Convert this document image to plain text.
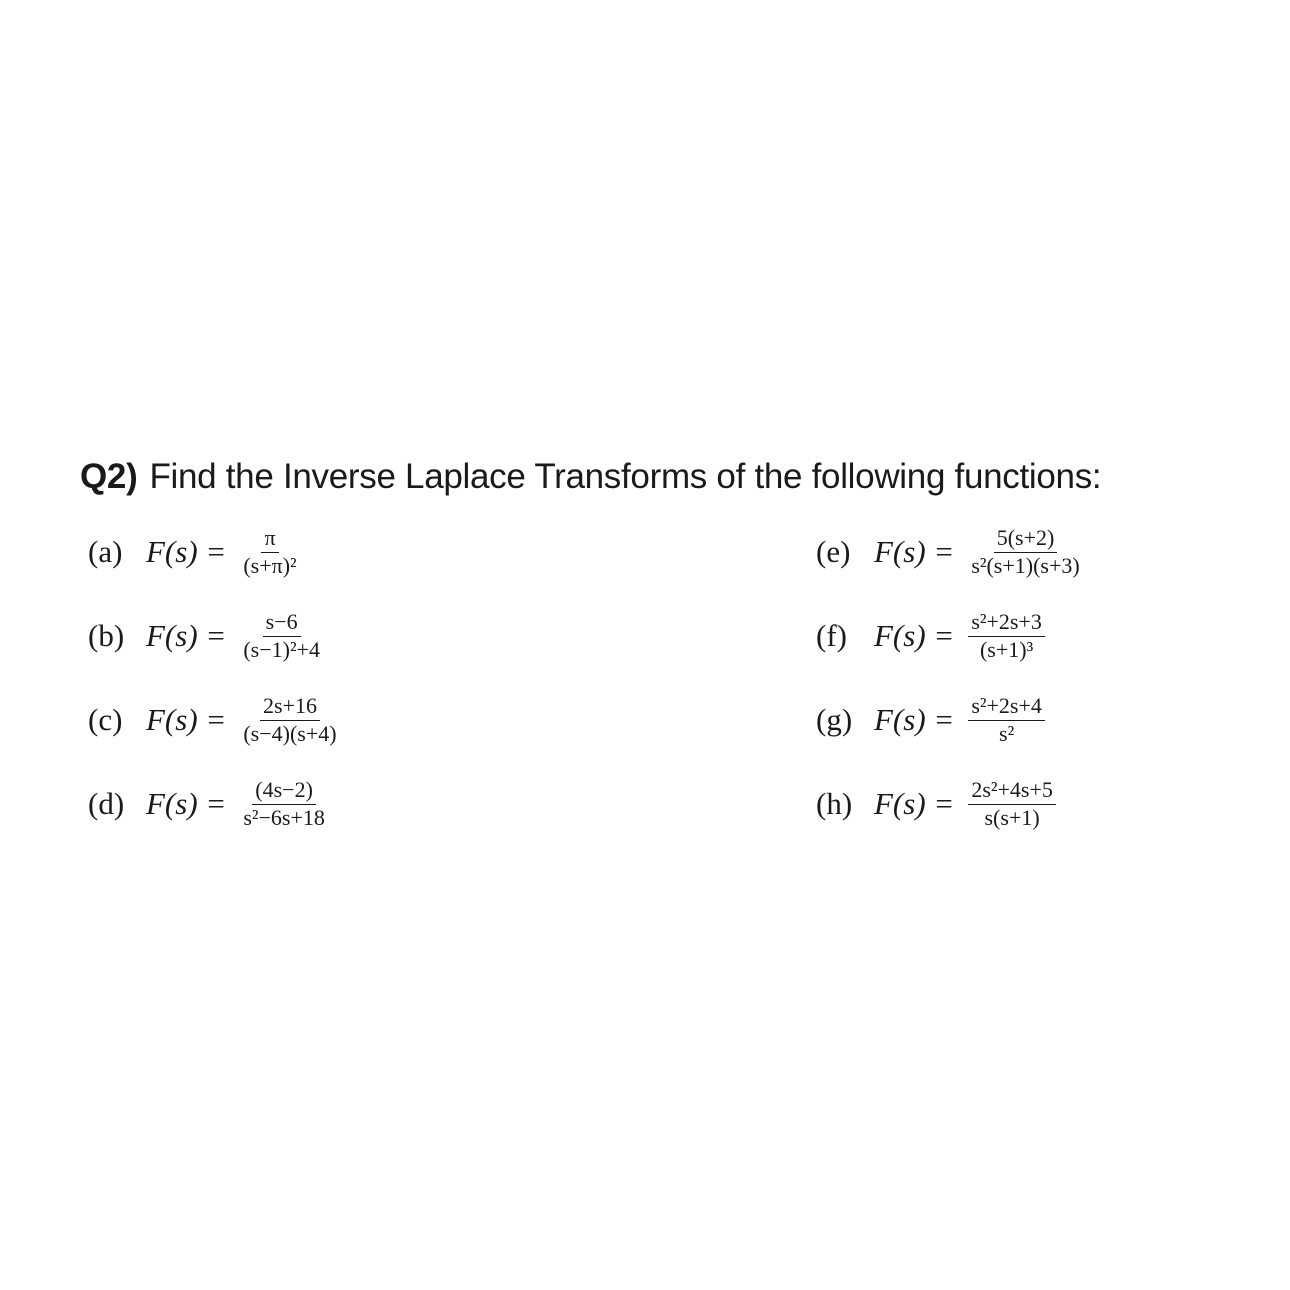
Q2) Find the Inverse Laplace Transforms of the following functions:
(a) $F(s) = \frac{\pi}{\text{(s+π)²}}$
(b) $F(s) = \frac{s-6}{\text{(s−1)²+4}}$
(c) $F(s) = \frac{2s+16}{(s-4)(s+4)}$
(d) $F(s) = \frac{(4s-2)}{\text{s²−6s+18}}$
(e) $F(s) = \frac{5(s+2)}{\text{s²(s+1)(s+3)}}$
(f) $F(s) = \frac{\text{s²+2s+3}}{\text{(s+1)³}}$
(g) $F(s) = \frac{\text{s²+2s+4}}{\text{s²}}$
(h) $F(s) = \frac{\text{2s²+4s+5}}{s(s+1)}$
